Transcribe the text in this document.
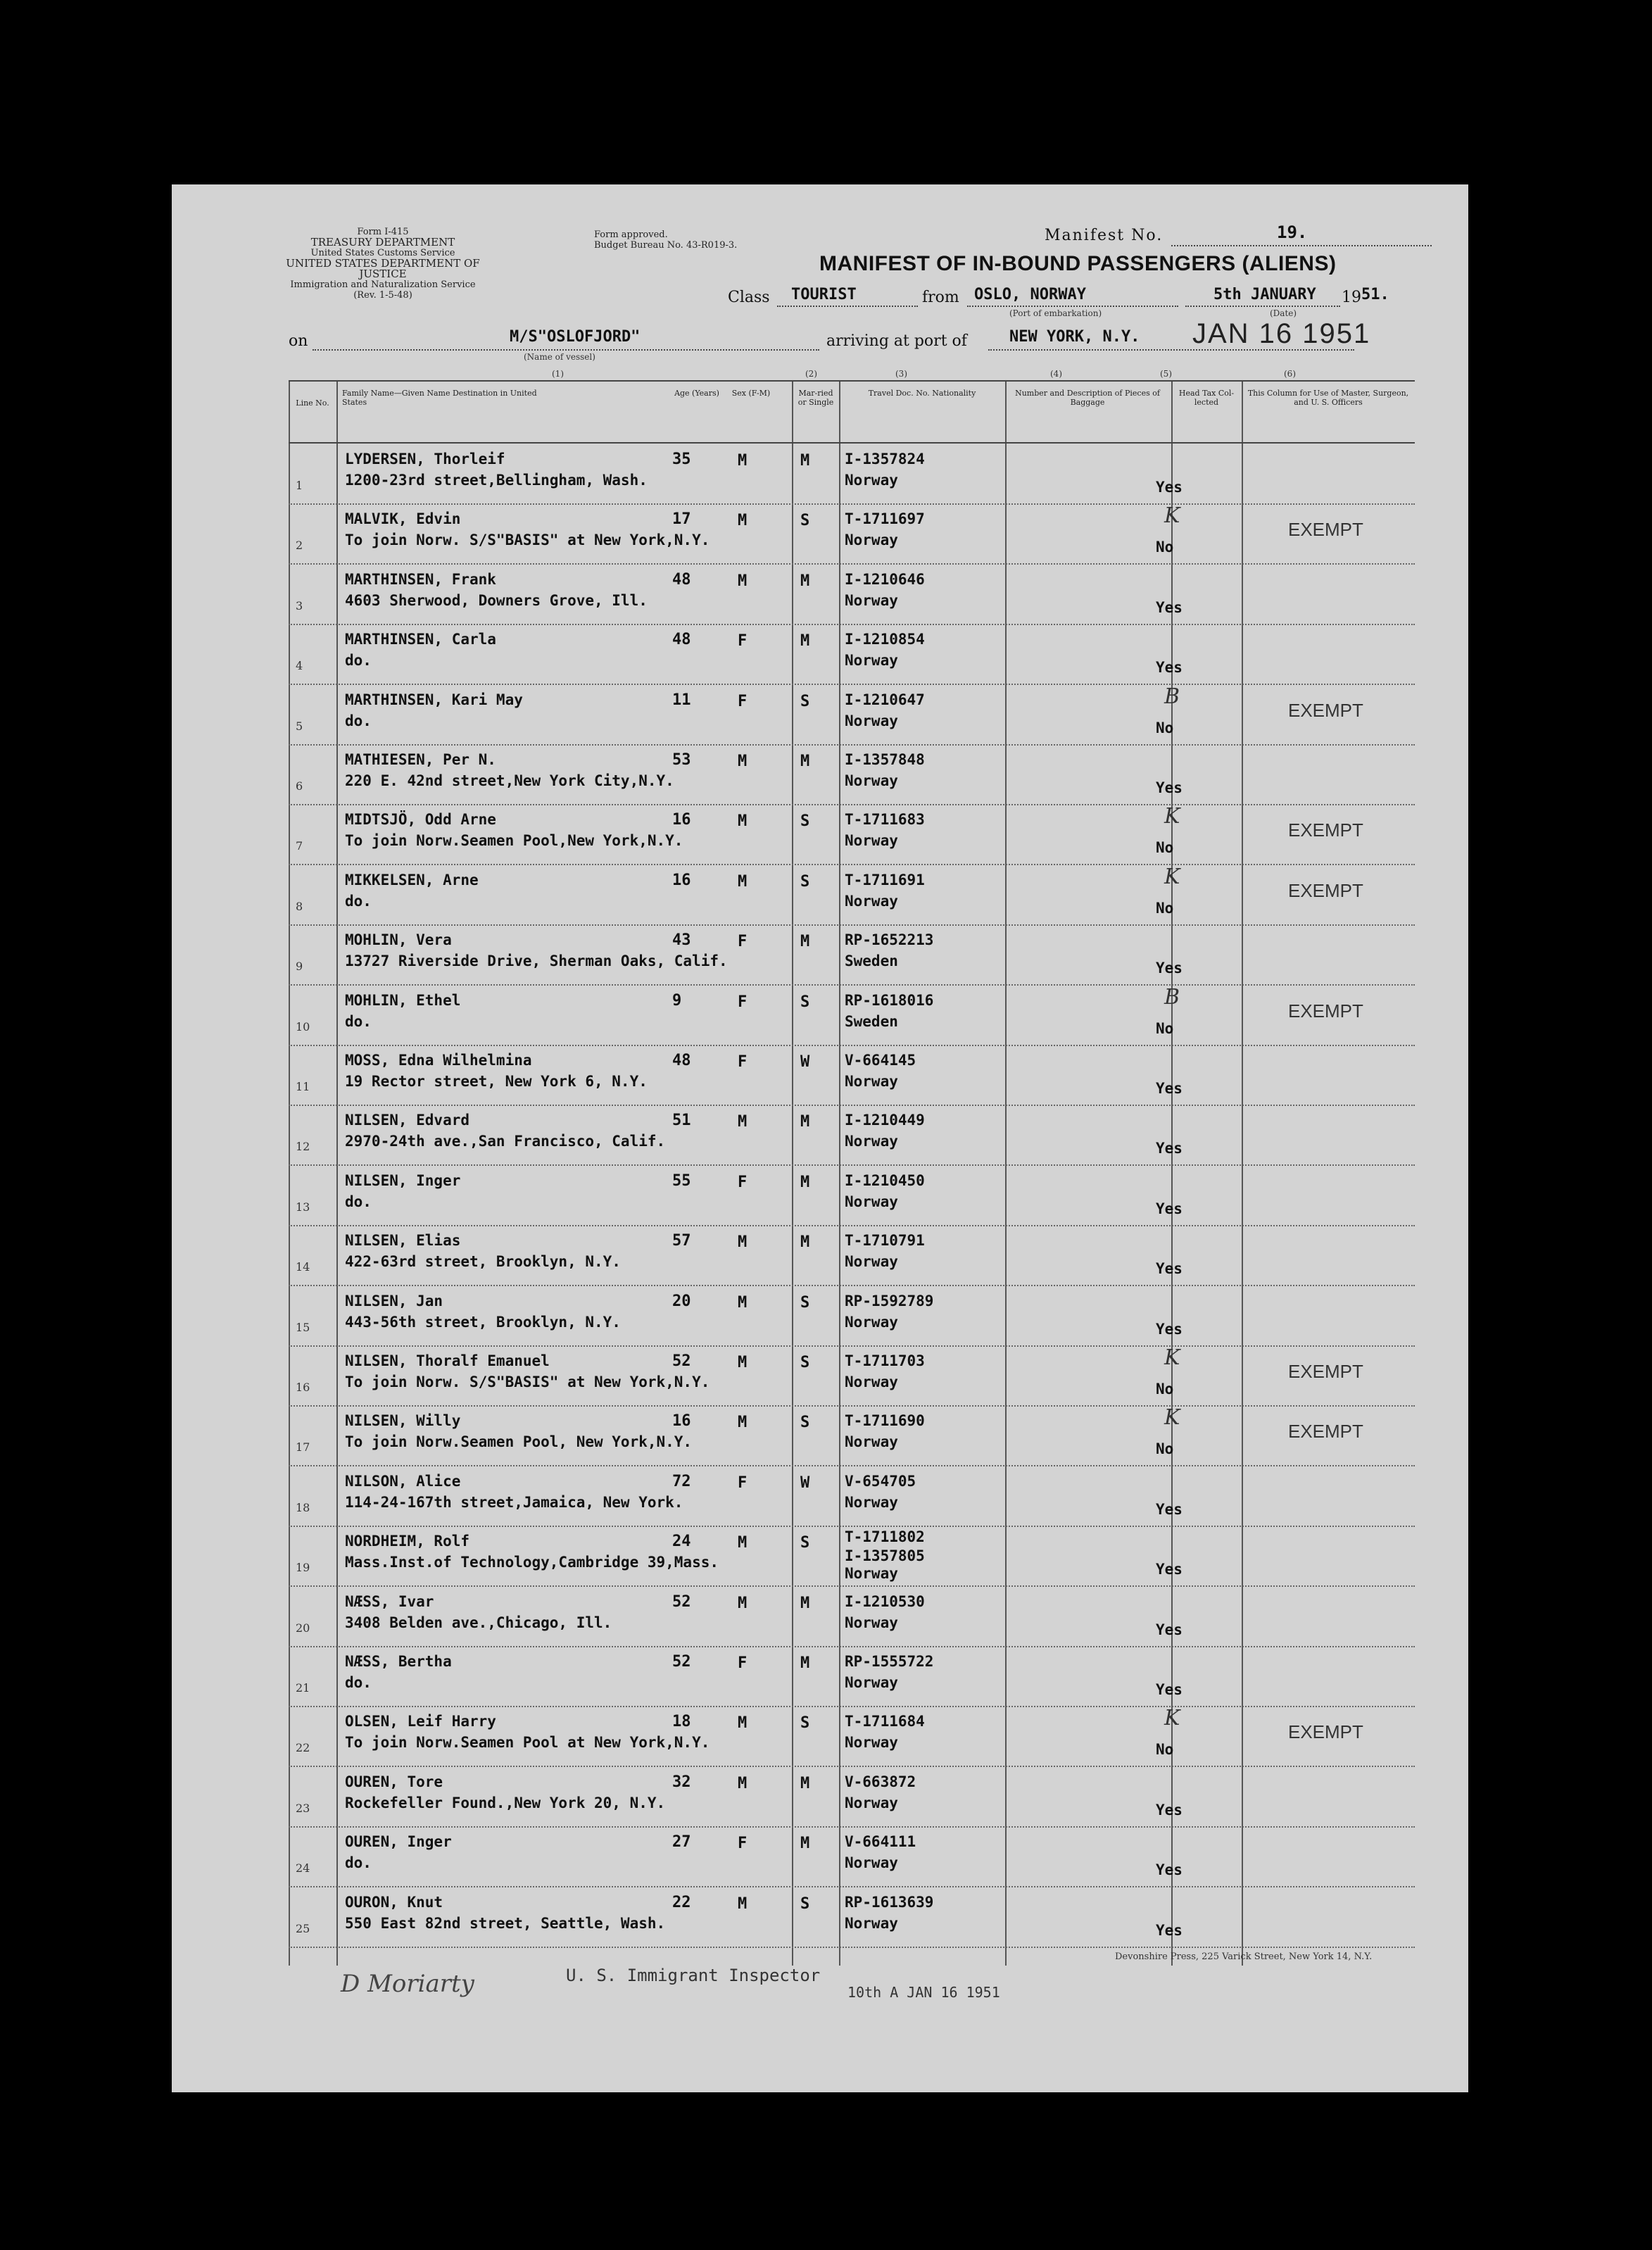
Form I-415
TREASURY DEPARTMENT
United States Customs Service
UNITED STATES DEPARTMENT OF JUSTICE
Immigration and Naturalization Service
(Rev. 1-5-48)
Form approved.
Budget Bureau No. 43-R019-3.
Manifest No.	19.
MANIFEST OF IN-BOUND PASSENGERS (ALIENS)
Class TOURIST	from OSLO, NORWAY
(Port of embarkation)
5th JANUARY 19 51.
(Date)
on	M/S"OSLOFJORD"
(Name of vessel)
arriving at port of	NEW YORK, N.Y. JAN 16 1951
(1)	(2)	(3)	(4)	(5)	(6)
Line No.
Family Name—Given Name Destination in United States
Age (Years)	Sex (F-M)	Mar-ried or Single
Travel Doc. No. Nationality	Number and Description of Pieces of Baggage
Head Tax Col-lected
This Column for Use of Master, Surgeon, and U. S. Officers
1
LYDERSEN, Thorleif
1200-23rd street,Bellingham, Wash.
35	M	M I-1357824
Norway	Yes
2
MALVIK, Edvin
To join Norw. S/S"BASIS" at New York,N.Y.
17	M	S T-1711697
Norway	No
K
EXEMPT
3
MARTHINSEN, Frank
4603 Sherwood, Downers Grove, Ill.
48	M	M I-1210646
Norway	Yes
4
MARTHINSEN, Carla
do.
48	F	M I-1210854
Norway	Yes
5
MARTHINSEN, Kari May
do.
11	F	S I-1210647
Norway	No
B
EXEMPT
6
MATHIESEN, Per N.
220 E. 42nd street,New York City,N.Y.
53	M	M I-1357848
Norway	Yes
7
MIDTSJÖ, Odd Arne
To join Norw.Seamen Pool,New York,N.Y.
16	M	S T-1711683
Norway	No
K
EXEMPT
8
MIKKELSEN, Arne
do.
16	M	S T-1711691
Norway	No
K
EXEMPT
9
MOHLIN, Vera
13727 Riverside Drive, Sherman Oaks, Calif.
43	F	M RP-1652213
Sweden	Yes
10
MOHLIN, Ethel
do.
9	F	S RP-1618016
Sweden	No
B
EXEMPT
11
MOSS, Edna Wilhelmina
19 Rector street, New York 6, N.Y.
48	F	W V-664145
Norway	Yes
12
NILSEN, Edvard
2970-24th ave.,San Francisco, Calif.
51	M	M I-1210449
Norway	Yes
13
NILSEN, Inger
do.
55	F	M I-1210450
Norway	Yes
14
NILSEN, Elias
422-63rd street, Brooklyn, N.Y.
57	M	M T-1710791
Norway	Yes
15
NILSEN, Jan
443-56th street, Brooklyn, N.Y.
20	M	S RP-1592789
Norway	Yes
16
NILSEN, Thoralf Emanuel
To join Norw. S/S"BASIS" at New York,N.Y.
52	M	S T-1711703
Norway	No
K
EXEMPT
17
NILSEN, Willy
To join Norw.Seamen Pool, New York,N.Y.
16	M	S T-1711690
Norway	No
K
EXEMPT
18
NILSON, Alice
114-24-167th street,Jamaica, New York.
72	F	W V-654705
Norway	Yes
19
NORDHEIM, Rolf
Mass.Inst.of Technology,Cambridge 39,Mass.
24	M	S T-1711802
Norway	Yes
I-1357805
20
NÆSS, Ivar
3408 Belden ave.,Chicago, Ill.
52	M	M I-1210530
Norway	Yes
21
NÆSS, Bertha
do.
52	F	M RP-1555722
Norway	Yes
22
OLSEN, Leif Harry
To join Norw.Seamen Pool at New York,N.Y.
18	M	S T-1711684
Norway	No
K
EXEMPT
23
OUREN, Tore
Rockefeller Found.,New York 20, N.Y.
32	M	M V-663872
Norway	Yes
24
OUREN, Inger
do.
27	F	M V-664111
Norway	Yes
25
OURON, Knut
550 East 82nd street, Seattle, Wash.
22	M	S RP-1613639
Norway	Yes
D Moriarty	U. S. Immigrant Inspector
10th A JAN 16 1951
Devonshire Press, 225 Varick Street, New York 14, N.Y.
